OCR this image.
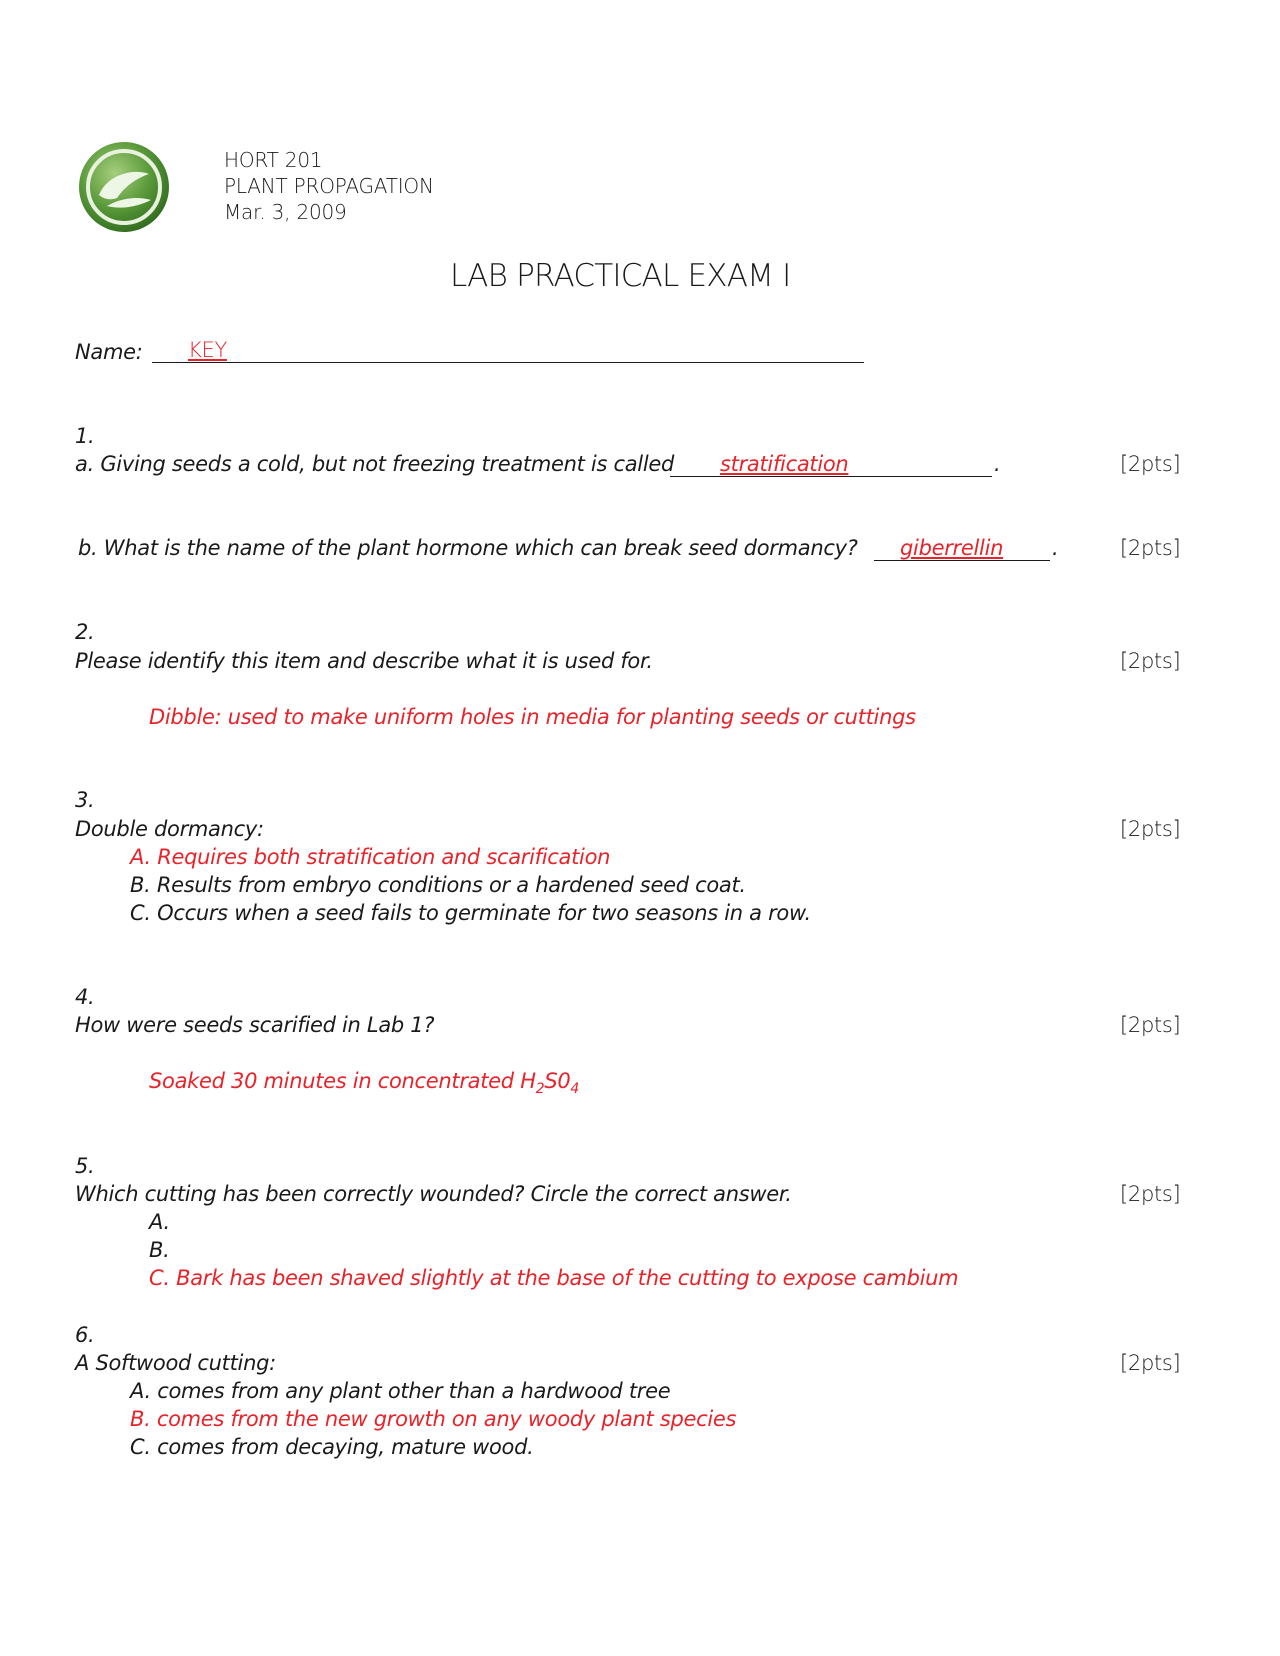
HORT 201
PLANT PROPAGATION
Mar. 3, 2009
LAB PRACTICAL EXAM I
Name: KEY
1.
a. Giving seeds a cold, but not freezing treatment is called stratification	.	[2pts]
b. What is the name of the plant hormone which can break seed dormancy? giberrellin .	[2pts]
2.
Please identify this item and describe what it is used for.	[2pts]
Dibble: used to make uniform holes in media for planting seeds or cuttings
3.
Double dormancy:	[2pts]
A. Requires both stratification and scarification
B. Results from embryo conditions or a hardened seed coat.
C. Occurs when a seed fails to germinate for two seasons in a row.
4.
How were seeds scarified in Lab 1?	[2pts]
Soaked 30 minutes in concentrated $H_2S0_4$
5.
Which cutting has been correctly wounded? Circle the correct answer.	[2pts]
A.
B.
C. Bark has been shaved slightly at the base of the cutting to expose cambium
6.
A Softwood cutting:	[2pts]
A. comes from any plant other than a hardwood tree
B. comes from the new growth on any woody plant species
C. comes from decaying, mature wood.
